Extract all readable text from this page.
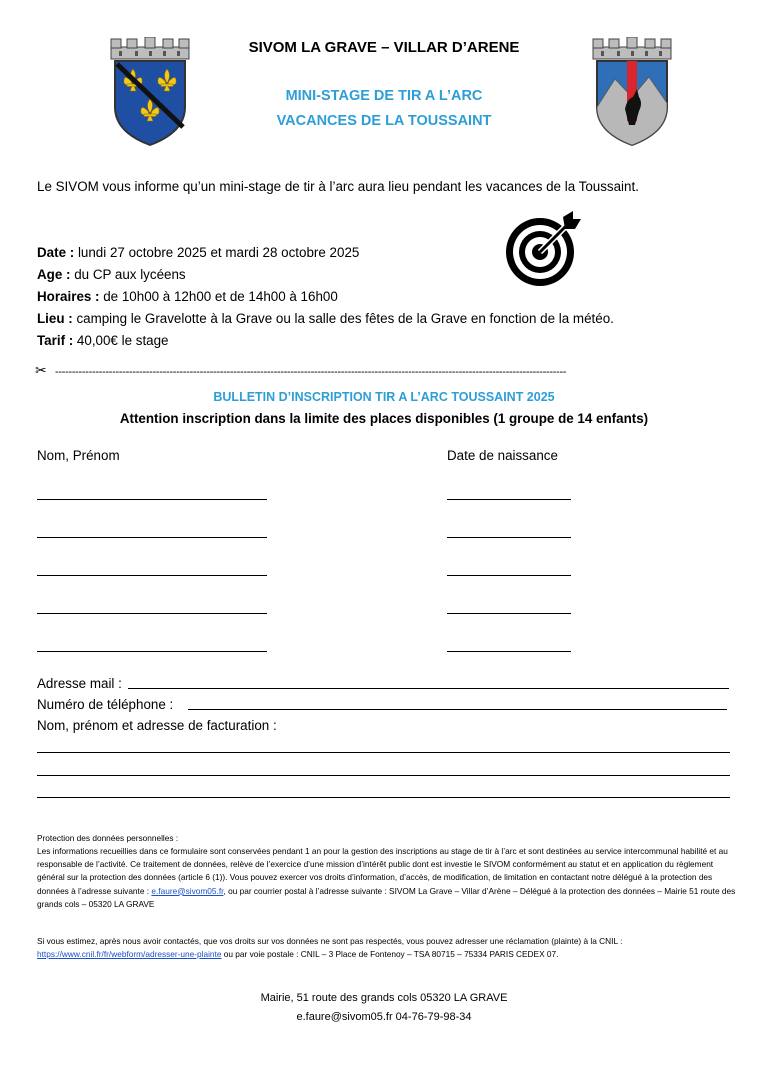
SIVOM LA GRAVE – VILLAR D’ARENE
MINI-STAGE DE TIR A L’ARC
VACANCES DE LA TOUSSAINT
Le SIVOM vous informe qu’un mini-stage de tir à l’arc aura lieu pendant les vacances de la Toussaint.
Date : lundi 27 octobre 2025 et mardi 28 octobre 2025
Age : du CP aux lycéens
Horaires : de 10h00 à 12h00 et de 14h00 à 16h00
Lieu : camping le Gravelotte à la Grave ou la salle des fêtes de la Grave en fonction de la météo.
Tarif : 40,00€ le stage
✂ --------------------------------------------------------------------------------------------------------------------------------------------------------
BULLETIN D’INSCRIPTION TIR A L’ARC TOUSSAINT 2025
Attention inscription dans la limite des places disponibles (1 groupe de 14 enfants)
Nom, Prénom	Date de naissance
Adresse mail :
Numéro de téléphone :
Nom, prénom et adresse de facturation :
Protection des données personnelles :
Les informations recueillies dans ce formulaire sont conservées pendant 1 an pour la gestion des inscriptions au stage de tir à l’arc et sont destinées au service intercommunal habilité et au responsable de l’activité. Ce traitement de données, relève de l’exercice d’une mission d’intérêt public dont est investie le SIVOM conformément au statut et en application du règlement général sur la protection des données (article 6 (1)). Vous pouvez exercer vos droits d’information, d’accès, de modification, de limitation en contactant notre délégué à la protection des données à l’adresse suivante : e.faure@sivom05.fr, ou par courrier postal à l’adresse suivante : SIVOM La Grave – Villar d’Arène – Délégué à la protection des données – Mairie 51 route des grands cols – 05320 LA GRAVE
Si vous estimez, après nous avoir contactés, que vos droits sur vos données ne sont pas respectés, vous pouvez adresser une réclamation (plainte) à la CNIL : https://www.cnil.fr/fr/webform/adresser-une-plainte ou par voie postale : CNIL – 3 Place de Fontenoy – TSA 80715 – 75334 PARIS CEDEX 07.
Mairie, 51 route des grands cols 05320 LA GRAVE
e.faure@sivom05.fr 04-76-79-98-34
